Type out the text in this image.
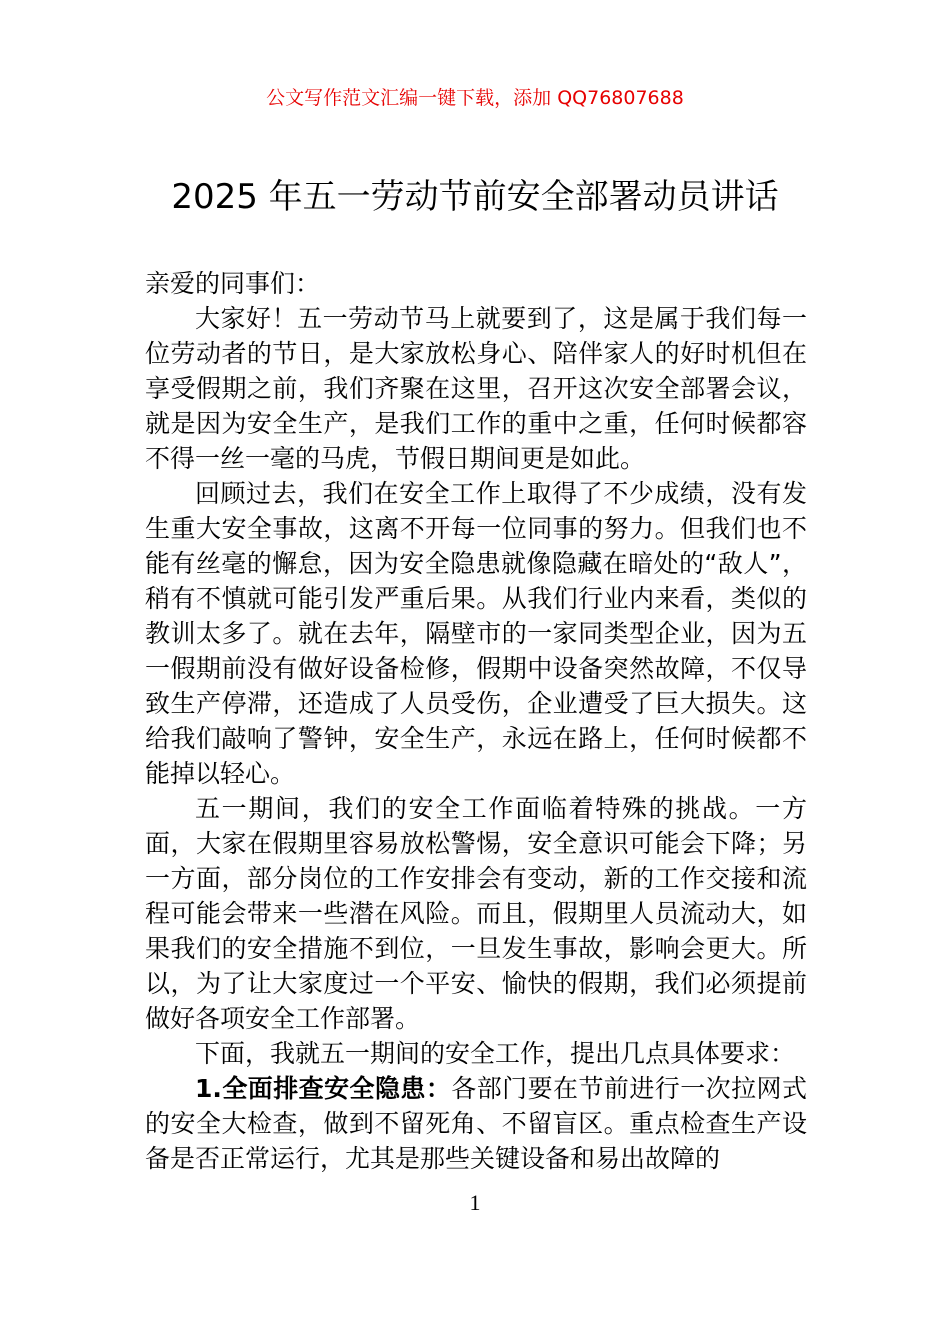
公文写作范文汇编一键下载，添加 QQ76807688
2025 年五一劳动节前安全部署动员讲话

亲爱的同事们：

大家好！五一劳动节马上就要到了，这是属于我们每一位劳动者的节日，是大家放松身心、陪伴家人的好时机但在享受假期之前，我们齐聚在这里，召开这次安全部署会议，就是因为安全生产，是我们工作的重中之重，任何时候都容不得一丝一毫的马虎，节假日期间更是如此。

回顾过去，我们在安全工作上取得了不少成绩，没有发生重大安全事故，这离不开每一位同事的努力。但我们也不能有丝毫的懈怠，因为安全隐患就像隐藏在暗处的“敌人”，稍有不慎就可能引发严重后果。从我们行业内来看，类似的教训太多了。就在去年，隔壁市的一家同类型企业，因为五一假期前没有做好设备检修，假期中设备突然故障，不仅导致生产停滞，还造成了人员受伤，企业遭受了巨大损失。这给我们敲响了警钟，安全生产，永远在路上，任何时候都不能掉以轻心。

五一期间，我们的安全工作面临着特殊的挑战。一方面，大家在假期里容易放松警惕，安全意识可能会下降；另一方面，部分岗位的工作安排会有变动，新的工作交接和流程可能会带来一些潜在风险。而且，假期里人员流动大，如果我们的安全措施不到位，一旦发生事故，影响会更大。所以，为了让大家度过一个平安、愉快的假期，我们必须提前做好各项安全工作部署。

下面，我就五一期间的安全工作，提出几点具体要求：

1.全面排查安全隐患：各部门要在节前进行一次拉网式的安全大检查，做到不留死角、不留盲区。重点检查生产设备是否正常运行，尤其是那些关键设备和易出故障的

1
